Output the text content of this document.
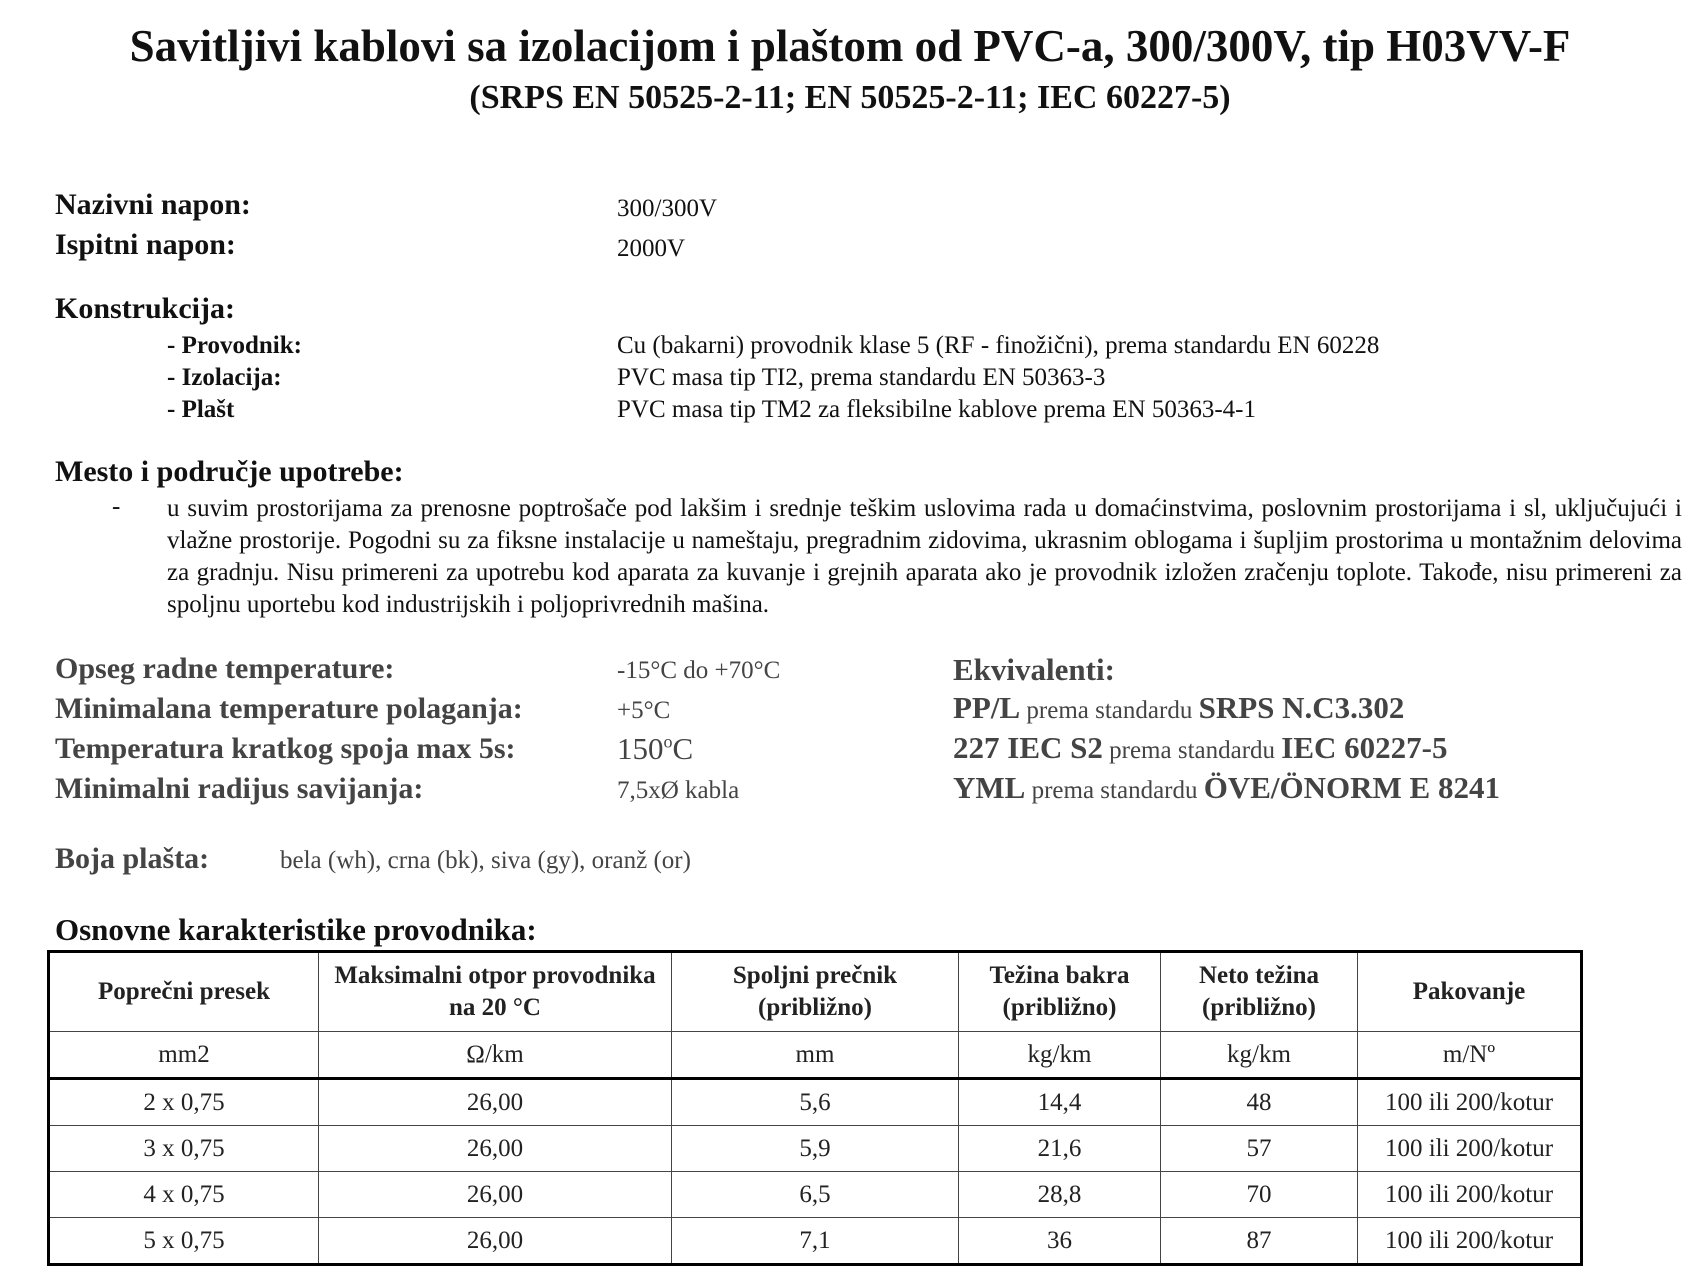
Savitljivi kablovi sa izolacijom i plaštom od PVC-a, 300/300V, tip H03VV-F
(SRPS EN 50525-2-11; EN 50525-2-11; IEC 60227-5)
Nazivni napon:	300/300V
Ispitni napon:	2000V
Konstrukcija:
- Provodnik:	Cu (bakarni) provodnik klase 5 (RF - finožični), prema standardu EN 60228
- Izolacija:	PVC masa tip TI2, prema standardu EN 50363-3
- Plašt	PVC masa tip TM2 za fleksibilne kablove prema EN 50363-4-1
Mesto i područje upotrebe:
- u suvim prostorijama za prenosne poptrošače pod lakšim i srednje teškim uslovima rada u domaćinstvima, poslovnim prostorijama i sl, uključujući i vlažne prostorije. Pogodni su za fiksne instalacije u nameštaju, pregradnim zidovima, ukrasnim oblogama i šupljim prostorima u montažnim delovima za gradnju. Nisu primereni za upotrebu kod aparata za kuvanje i grejnih aparata ako je provodnik izložen zračenju toplote. Takođe, nisu primereni za spoljnu uportebu kod industrijskih i poljoprivrednih mašina.
Opseg radne temperature:	-15°C do +70°C
Minimalana temperature polaganja:	+5°C
Temperatura kratkog spoja max 5s:	150$^o$C
Minimalni radijus savijanja:	7,5xØ kabla
Ekvivalenti:
PP/L prema standardu SRPS N.C3.302
227 IEC S2 prema standardu IEC 60227-5
YML prema standardu ÖVE/ÖNORM E 8241
Boja plašta:	bela (wh), crna (bk), siva (gy), oranž (or)
Osnovne karakteristike provodnika:
Poprečni presek	Maksimalni otpor provodnika na 20 °C	Spoljni prečnik (približno)	Težina bakra (približno)	Neto težina (približno)	Pakovanje
mm2	Ω/km	mm	kg/km	kg/km	m/Nº
2 x 0,75	26,00	5,6	14,4	48	100 ili 200/kotur
3 x 0,75	26,00	5,9	21,6	57	100 ili 200/kotur
4 x 0,75	26,00	6,5	28,8	70	100 ili 200/kotur
5 x 0,75	26,00	7,1	36	87	100 ili 200/kotur
